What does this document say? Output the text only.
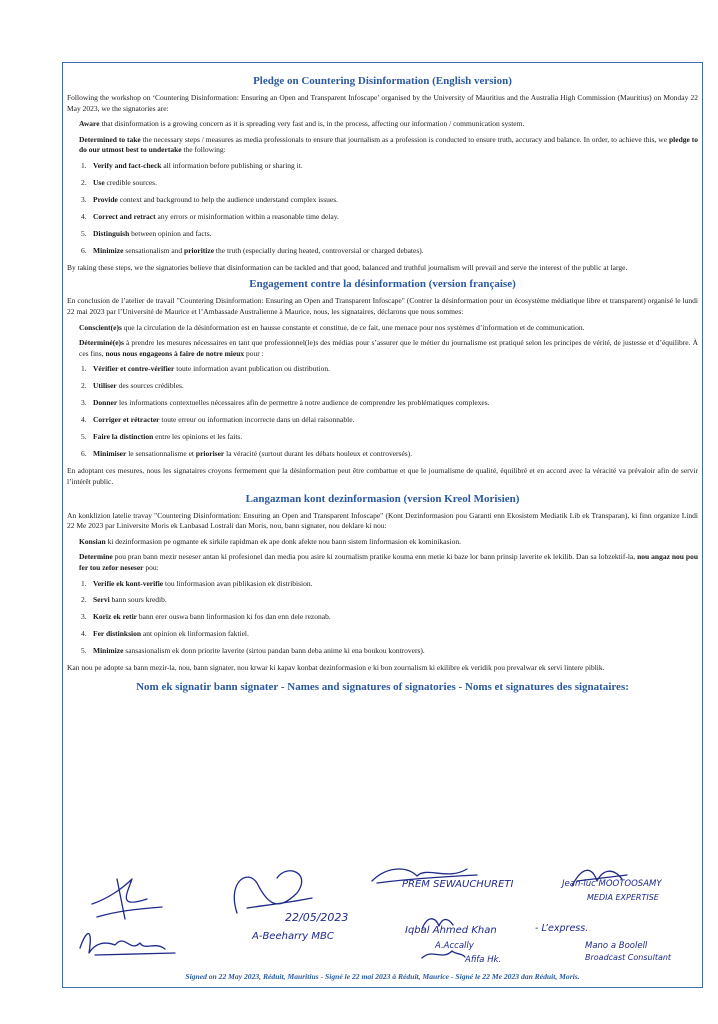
Pledge on Countering Disinformation (English version)

Following the workshop on ‘Countering Disinformation: Ensuring an Open and Transparent Infoscape’ organised by the University of Mauritius and the Australia High Commission (Mauritius) on Monday 22 May 2023, we the signatories are:

Aware that disinformation is a growing concern as it is spreading very fast and is, in the process, affecting our information / communication system.

Determined to take the necessary steps / measures as media professionals to ensure that journalism as a profession is conducted to ensure truth, accuracy and balance. In order, to achieve this, we pledge to do our utmost best to undertake the following:

1. Verify and fact-check all information before publishing or sharing it.
2. Use credible sources.
3. Provide context and background to help the audience understand complex issues.
4. Correct and retract any errors or misinformation within a reasonable time delay.
5. Distinguish between opinion and facts.
6. Minimize sensationalism and prioritize the truth (especially during heated, controversial or charged debates).

By taking these steps, we the signatories believe that disinformation can be tackled and that good, balanced and truthful journalism will prevail and serve the interest of the public at large.

Engagement contre la désinformation (version française)

En conclusion de l’atelier de travail "Countering Disinformation: Ensuring an Open and Transparent Infoscape" (Contrer la désinformation pour un écosystème médiatique libre et transparent) organisé le lundi 22 mai 2023 par l’Université de Maurice et l’Ambassade Australienne à Maurice, nous, les signataires, déclarons que nous sommes:

Conscient(e)s que la circulation de la désinformation est en hausse constante et constitue, de ce fait, une menace pour nos systèmes d’information et de communication.

Déterminé(e)s à prendre les mesures nécessaires en tant que professionnel(le)s des médias pour s’assurer que le métier du journalisme est pratiqué selon les principes de vérité, de justesse et d’équilibre. À ces fins, nous nous engageons à faire de notre mieux pour :

1. Vérifier et contre-vérifier toute information avant publication ou distribution.
2. Utiliser des sources crédibles.
3. Donner les informations contextuelles nécessaires afin de permettre à notre audience de comprendre les problématiques complexes.
4. Corriger et rétracter toute erreur ou information incorrecte dans un délai raisonnable.
5. Faire la distinction entre les opinions et les faits.
6. Minimiser le sensationnalisme et prioriser la véracité (surtout durant les débats houleux et controversés).

En adoptant ces mesures, nous les signataires croyons fermement que la désinformation peut être combattue et que le journalisme de qualité, équilibré et en accord avec la véracité va prévaloir afin de servir l’intérêt public.

Langazman kont dezinformasion (version Kreol Morisien)

An konklizion latelie travay "Countering Disinformation: Ensuring an Open and Transparent Infoscape" (Kont Dezinformasion pou Garanti enn Ekosistem Mediatik Lib ek Transparan), ki finn organize Lindi 22 Me 2023 par Liniversite Moris ek Lanbasad Lostrali dan Moris, nou, bann signater, nou deklare ki nou:

Konsian ki dezinformasion pe ogmante ek sirkile rapidman ek ape donk afekte nou bann sistem linformasion ek kominikasion.

Determine pou pran bann mezir neseser antan ki profesionel dan media pou asire ki zournalism pratike kouma enn metie ki baze lor bann prinsip laverite ek lekilib. Dan sa lobzektif-la, nou angaz nou pou fer tou zefor neseser pou:

1. Verifie ek kont-verifie tou linformasion avan piblikasion ek distribision.
2. Servi bann sours kredib.
3. Koriz ek retir bann erer ouswa bann linformasion ki fos dan enn dele rezonab.
4. Fer distinksion ant opinion ek linformasion faktiel.
5. Minimize sansasionalism ek donn priorite laverite (sirtou pandan bann deba anime ki ena boukou kontrovers).

Kan nou pe adopte sa bann mezir-la, nou, bann signater, nou krwar ki kapav konbat dezinformasion e ki bon zournalism ki ekilibre ek veridik pou prevalwar ek servi lintere piblik.

Nom ek signatir bann signater - Names and signatures of signatories - Noms et signatures des signataires:
PREM SEWAUCHURETI	Jean-luc MOOTOOSAMY
MEDIA EXPERTISE
22/05/2023
A-Beeharry MBC
Iqbal Ahmed Khan	- L’express.
A.Accally
Afifa Hk.
Mano a Boolell
Broadcast Consultant
Signed on 22 May 2023, Réduit, Mauritius - Signé le 22 mai 2023 à Réduit, Maurice - Signé le 22 Me 2023 dan Réduit, Moris.
